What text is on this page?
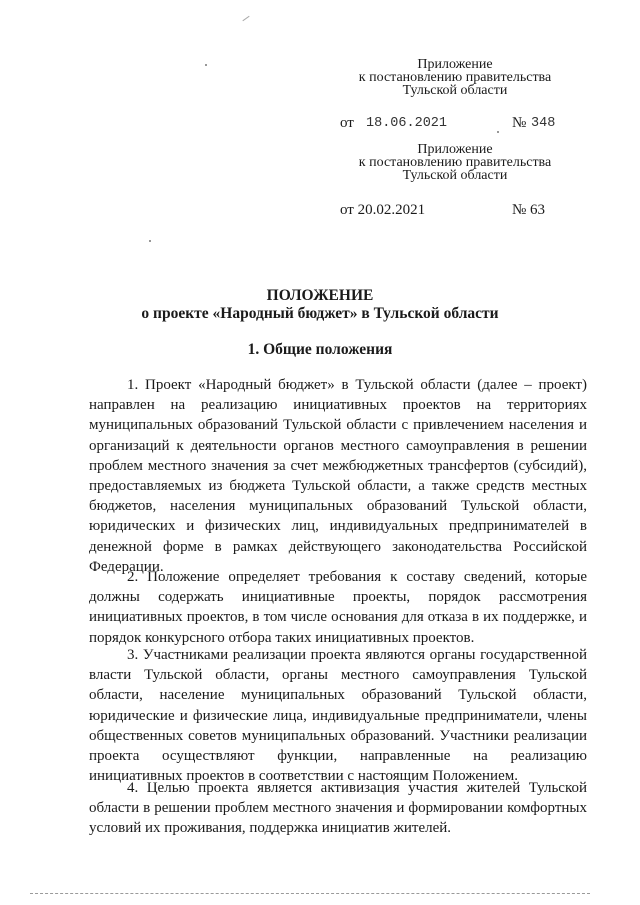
Приложение
к постановлению правительства
Тульской области
от 18.06.2021	№ 348
Приложение
к постановлению правительства
Тульской области
от 20.02.2021	№ 63
ПОЛОЖЕНИЕ
о проекте «Народный бюджет» в Тульской области
1. Общие положения

1. Проект «Народный бюджет» в Тульской области (далее – проект) направлен на реализацию инициативных проектов на территориях муниципальных образований Тульской области с привлечением населения и организаций к деятельности органов местного самоуправления в решении проблем местного значения за счет межбюджетных трансфертов (субсидий), предоставляемых из бюджета Тульской области, а также средств местных бюджетов, населения муниципальных образований Тульской области, юридических и физических лиц, индивидуальных предпринимателей в денежной форме в рамках действующего законодательства Российской Федерации.

2. Положение определяет требования к составу сведений, которые должны содержать инициативные проекты, порядок рассмотрения инициативных проектов, в том числе основания для отказа в их поддержке, и порядок конкурсного отбора таких инициативных проектов.

3. Участниками реализации проекта являются органы государственной власти Тульской области, органы местного самоуправления Тульской области, население муниципальных образований Тульской области, юридические и физические лица, индивидуальные предприниматели, члены общественных советов муниципальных образований. Участники реализации проекта осуществляют функции, направленные на реализацию инициативных проектов в соответствии с настоящим Положением.

4. Целью проекта является активизация участия жителей Тульской области в решении проблем местного значения и формировании комфортных условий их проживания, поддержка инициатив жителей.
